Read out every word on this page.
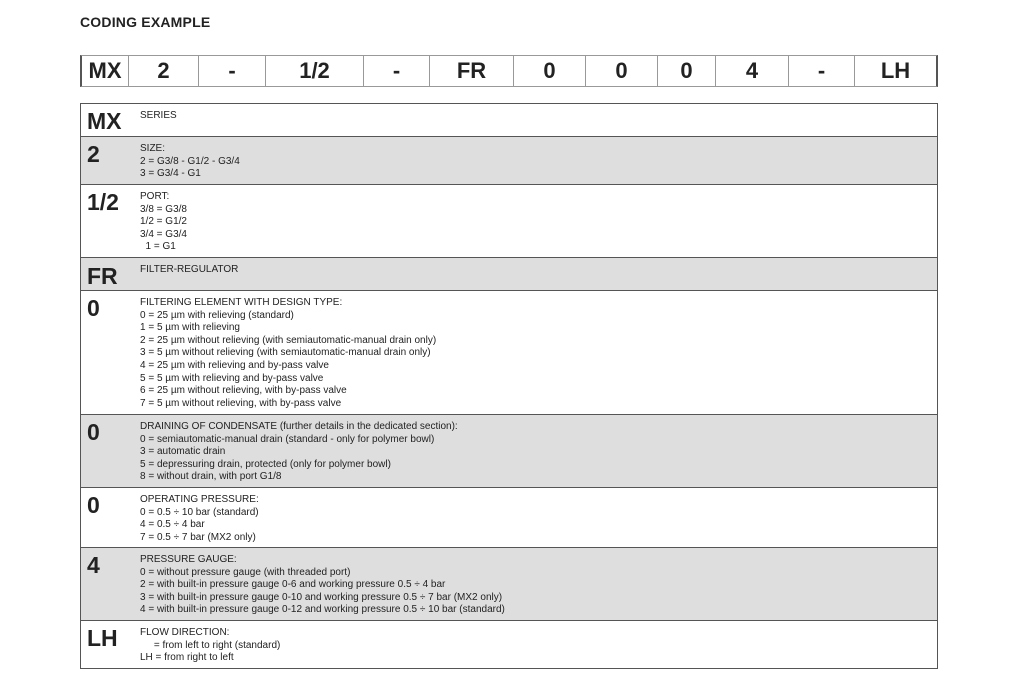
CODING EXAMPLE
MX	2	-	1/2	-	FR	0	0	0	4	-	LH
MX SERIES
2	SIZE:
2 = G3/8 - G1/2 - G3/4
3 = G3/4 - G1
1/2 PORT:
3/8 = G3/8
1/2 = G1/2
3/4 = G3/4
1 = G1
FR FILTER-REGULATOR
0	FILTERING ELEMENT WITH DESIGN TYPE:
0 = 25 µm with relieving (standard)
1 = 5 µm with relieving
2 = 25 µm without relieving (with semiautomatic-manual drain only)
3 = 5 µm without relieving (with semiautomatic-manual drain only)
4 = 25 µm with relieving and by-pass valve
5 = 5 µm with relieving and by-pass valve
6 = 25 µm without relieving, with by-pass valve
7 = 5 µm without relieving, with by-pass valve
0	DRAINING OF CONDENSATE (further details in the dedicated section):
0 = semiautomatic-manual drain (standard - only for polymer bowl)
3 = automatic drain
5 = depressuring drain, protected (only for polymer bowl)
8 = without drain, with port G1/8
0	OPERATING PRESSURE:
0 = 0.5 ÷ 10 bar (standard)
4 = 0.5 ÷ 4 bar
7 = 0.5 ÷ 7 bar (MX2 only)
4	PRESSURE GAUGE:
0 = without pressure gauge (with threaded port)
2 = with built-in pressure gauge 0-6 and working pressure 0.5 ÷ 4 bar
3 = with built-in pressure gauge 0-10 and working pressure 0.5 ÷ 7 bar (MX2 only)
4 = with built-in pressure gauge 0-12 and working pressure 0.5 ÷ 10 bar (standard)
LH FLOW DIRECTION:
= from left to right (standard)
LH = from right to left
